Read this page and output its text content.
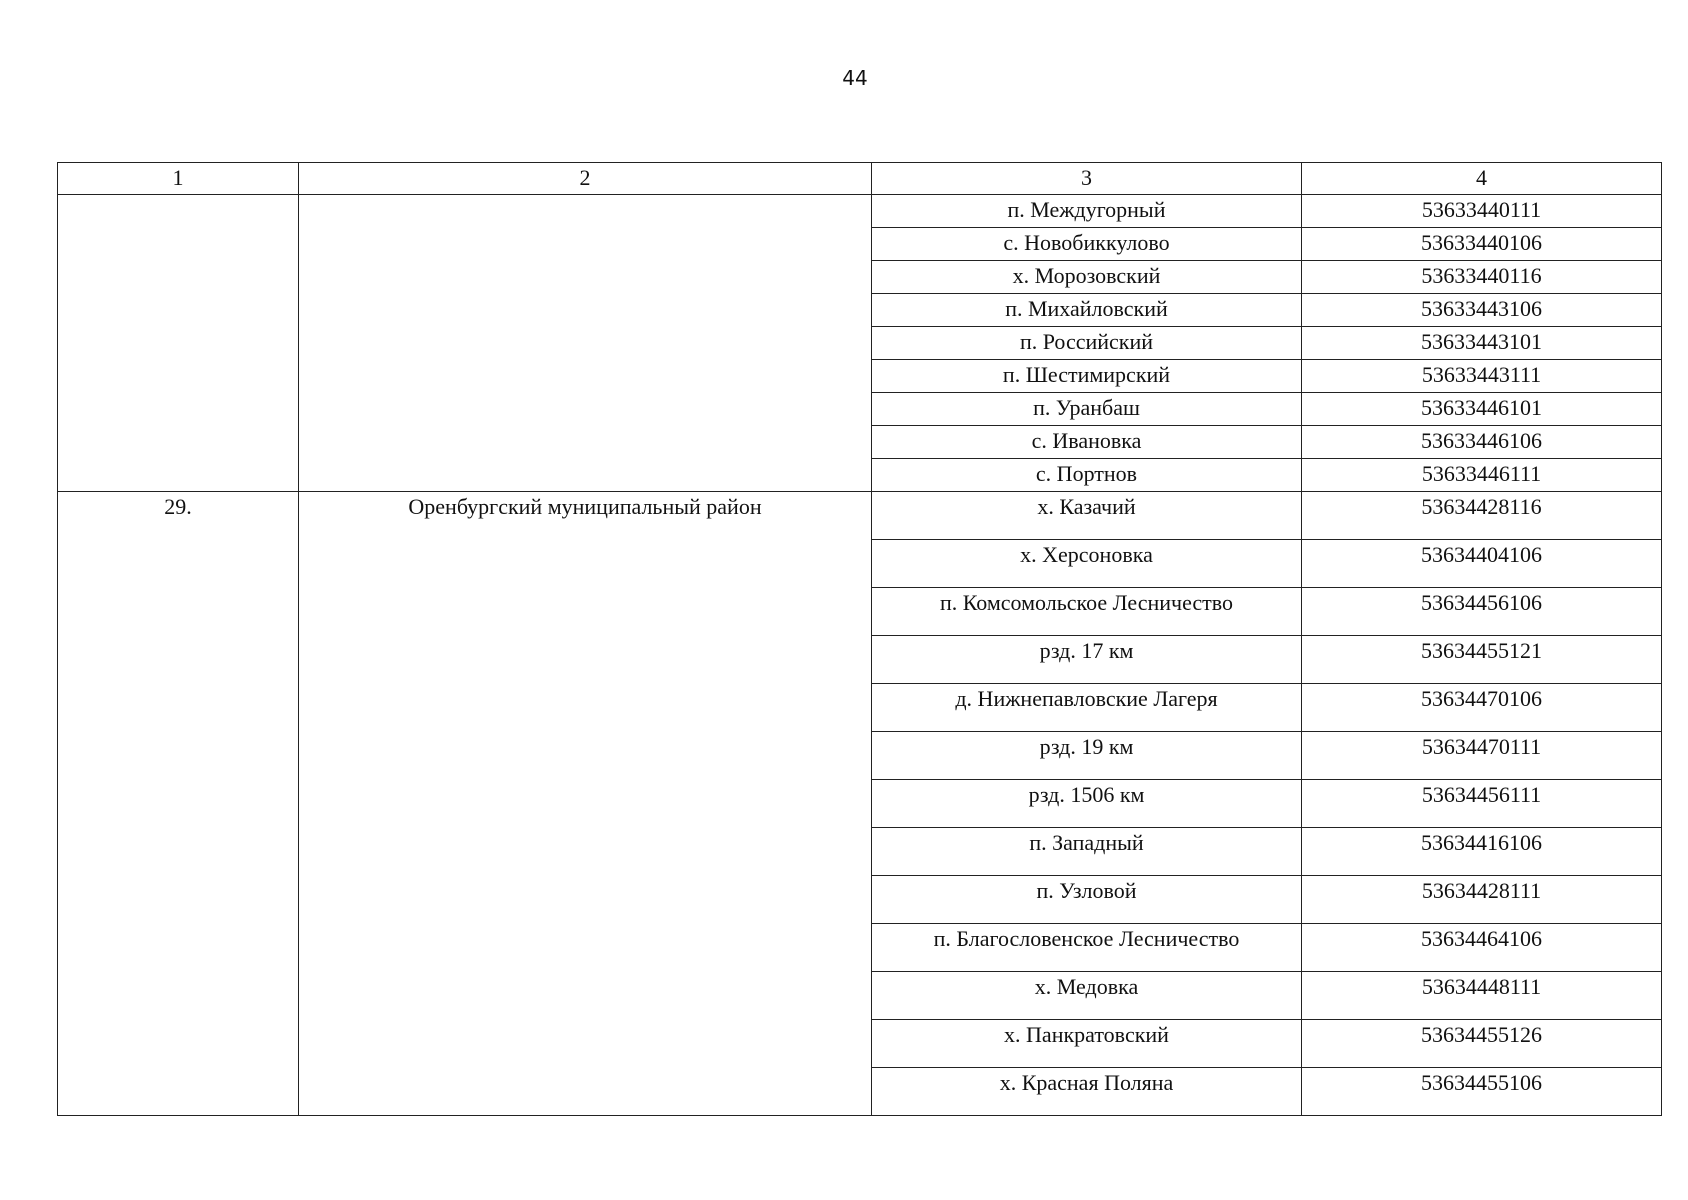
44
1	2	3	4
		п. Междугорный	53633440111
		с. Новобиккулово	53633440106
		х. Морозовский	53633440116
		п. Михайловский	53633443106
		п. Российский	53633443101
		п. Шестимирский	53633443111
		п. Уранбаш	53633446101
		с. Ивановка	53633446106
		с. Портнов	53633446111
29.	Оренбургский муниципальный район	х. Казачий	53634428116
		х. Херсоновка	53634404106
		п. Комсомольское Лесничество	53634456106
		рзд. 17 км	53634455121
		д. Нижнепавловские Лагеря	53634470106
		рзд. 19 км	53634470111
		рзд. 1506 км	53634456111
		п. Западный	53634416106
		п. Узловой	53634428111
		п. Благословенское Лесничество	53634464106
		х. Медовка	53634448111
		х. Панкратовский	53634455126
		х. Красная Поляна	53634455106
